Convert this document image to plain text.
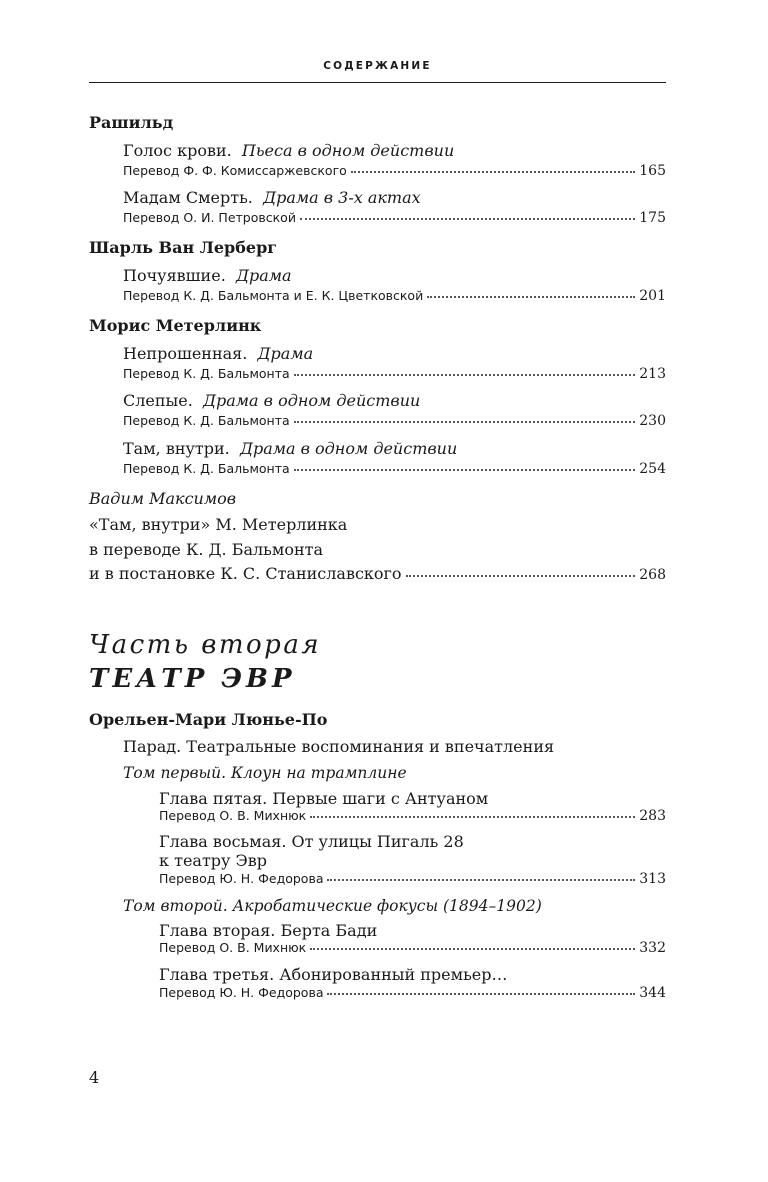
СОДЕРЖАНИЕ
Рашильд
Голос крови. Пьеса в одном действии
Перевод Ф. Ф. Комиссаржевского	165
Мадам Смерть. Драма в 3-х актах
Перевод О. И. Петровской	175
Шарль Ван Лерберг
Почуявшие. Драма
Перевод К. Д. Бальмонта и Е. К. Цветковской	201
Морис Метерлинк
Непрошенная. Драма
Перевод К. Д. Бальмонта	213
Слепые. Драма в одном действии
Перевод К. Д. Бальмонта	230
Там, внутри. Драма в одном действии
Перевод К. Д. Бальмонта	254
Вадим Максимов
«Там, внутри» М. Метерлинка
в переводе К. Д. Бальмонта
и в постановке К. С. Станиславского	268
Часть вторая
ТЕАТР ЭВР
Орельен-Мари Люнье-По
Парад. Театральные воспоминания и впечатления
Том первый. Клоун на трамплине
Глава пятая. Первые шаги с Антуаном
Перевод О. В. Михнюк	283
Глава восьмая. От улицы Пигаль 28
к театру Эвр
Перевод Ю. Н. Федорова	313
Том второй. Акробатические фокусы (1894–1902)
Глава вторая. Берта Бади
Перевод О. В. Михнюк	332
Глава третья. Абонированный премьер…
Перевод Ю. Н. Федорова	344
4
